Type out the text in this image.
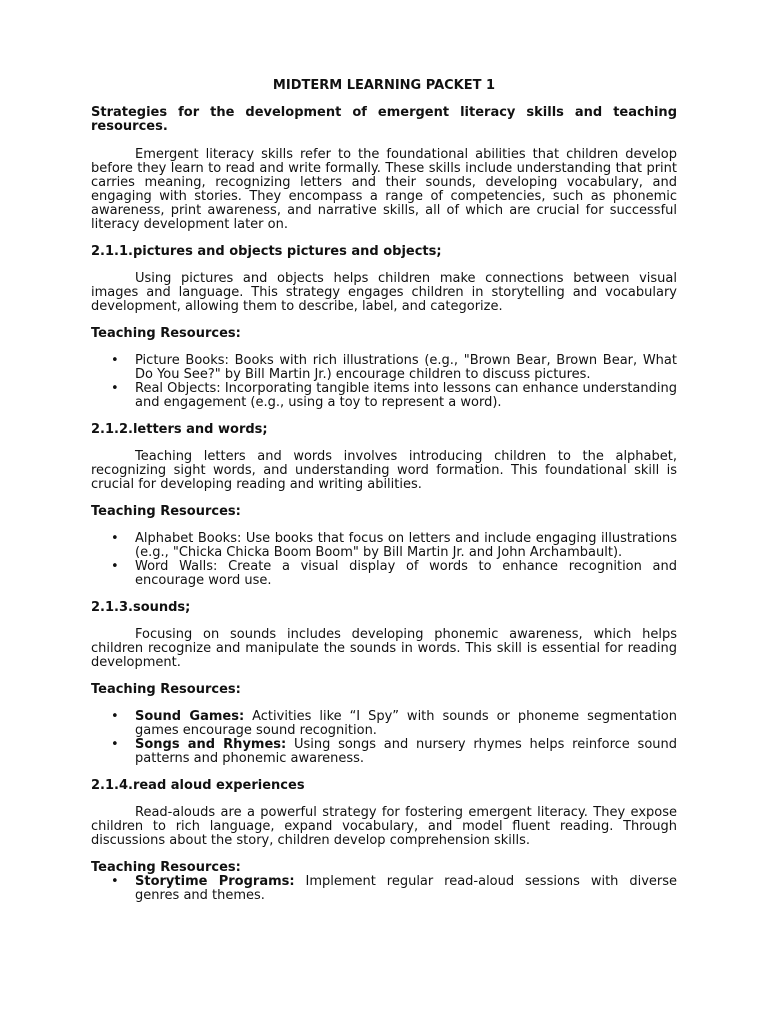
MIDTERM LEARNING PACKET 1
Strategies for the development of emergent literacy skills and teaching resources.

Emergent literacy skills refer to the foundational abilities that children develop before they learn to read and write formally. These skills include understanding that print carries meaning, recognizing letters and their sounds, developing vocabulary, and engaging with stories. They encompass a range of competencies, such as phonemic awareness, print awareness, and narrative skills, all of which are crucial for successful literacy development later on.

2.1.1.pictures and objects pictures and objects;

Using pictures and objects helps children make connections between visual images and language. This strategy engages children in storytelling and vocabulary development, allowing them to describe, label, and categorize.

Teaching Resources:
• Picture Books: Books with rich illustrations (e.g., "Brown Bear, Brown Bear, What Do You See?" by Bill Martin Jr.) encourage children to discuss pictures.
• Real Objects: Incorporating tangible items into lessons can enhance understanding and engagement (e.g., using a toy to represent a word).
2.1.2.letters and words;

Teaching letters and words involves introducing children to the alphabet, recognizing sight words, and understanding word formation. This foundational skill is crucial for developing reading and writing abilities.

Teaching Resources:
• Alphabet Books: Use books that focus on letters and include engaging illustrations (e.g., "Chicka Chicka Boom Boom" by Bill Martin Jr. and John Archambault).
• Word Walls: Create a visual display of words to enhance recognition and encourage word use.
2.1.3.sounds;

Focusing on sounds includes developing phonemic awareness, which helps children recognize and manipulate the sounds in words. This skill is essential for reading development.

Teaching Resources:
• Sound Games: Activities like “I Spy” with sounds or phoneme segmentation games encourage sound recognition.
• Songs and Rhymes: Using songs and nursery rhymes helps reinforce sound patterns and phonemic awareness.
2.1.4.read aloud experiences

Read-alouds are a powerful strategy for fostering emergent literacy. They expose children to rich language, expand vocabulary, and model fluent reading. Through discussions about the story, children develop comprehension skills.

Teaching Resources:
• Storytime Programs: Implement regular read-aloud sessions with diverse genres and themes.
